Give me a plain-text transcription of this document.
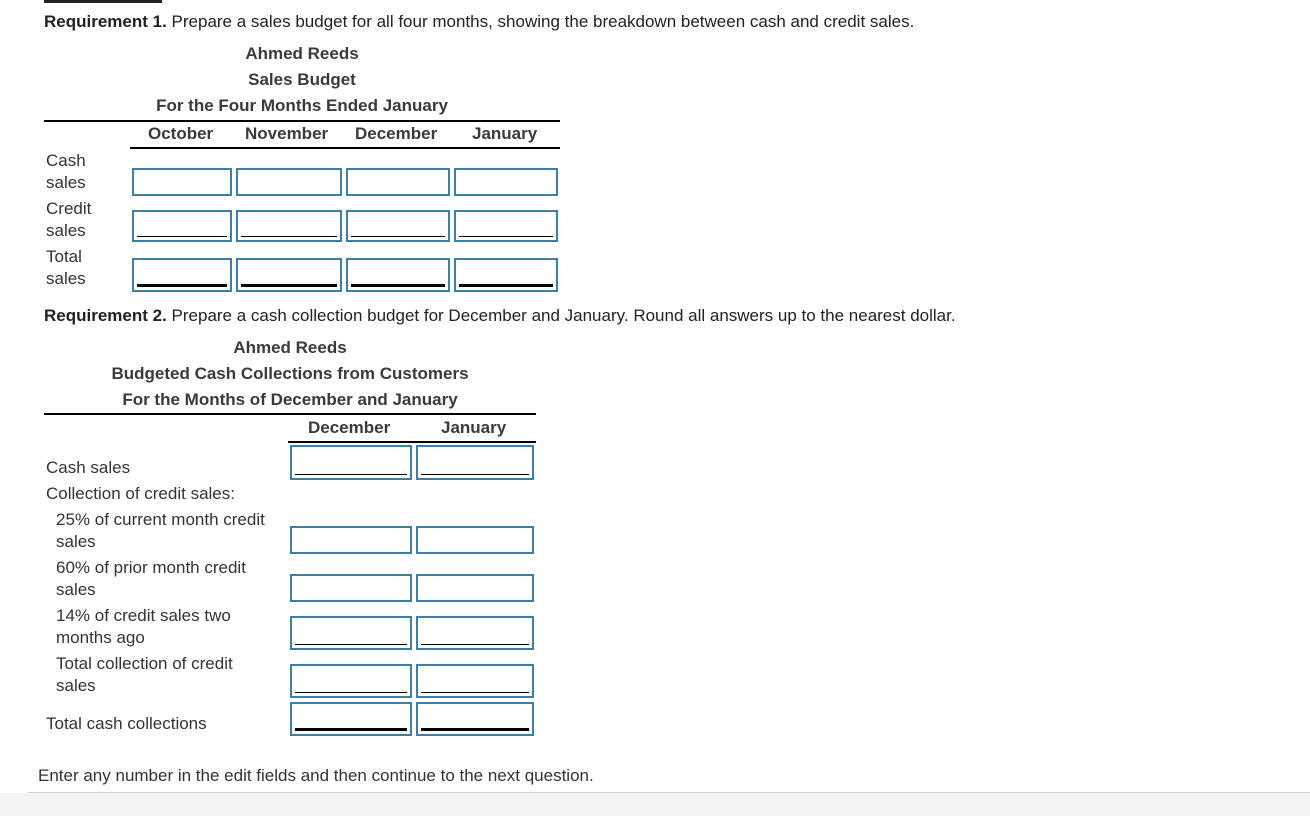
Requirement 1. Prepare a sales budget for all four months, showing the breakdown between cash and credit sales.
Ahmed Reeds
Sales Budget
For the Four Months Ended January
October November December January
Cash
sales
Credit
sales
Total
sales
Requirement 2. Prepare a cash collection budget for December and January. Round all answers up to the nearest dollar.
Ahmed Reeds
Budgeted Cash Collections from Customers
For the Months of December and January
December	January
Cash sales
Collection of credit sales:
25% of current month credit
sales
60% of prior month credit
sales
14% of credit sales two
months ago
Total collection of credit
sales
Total cash collections
Enter any number in the edit fields and then continue to the next question.
